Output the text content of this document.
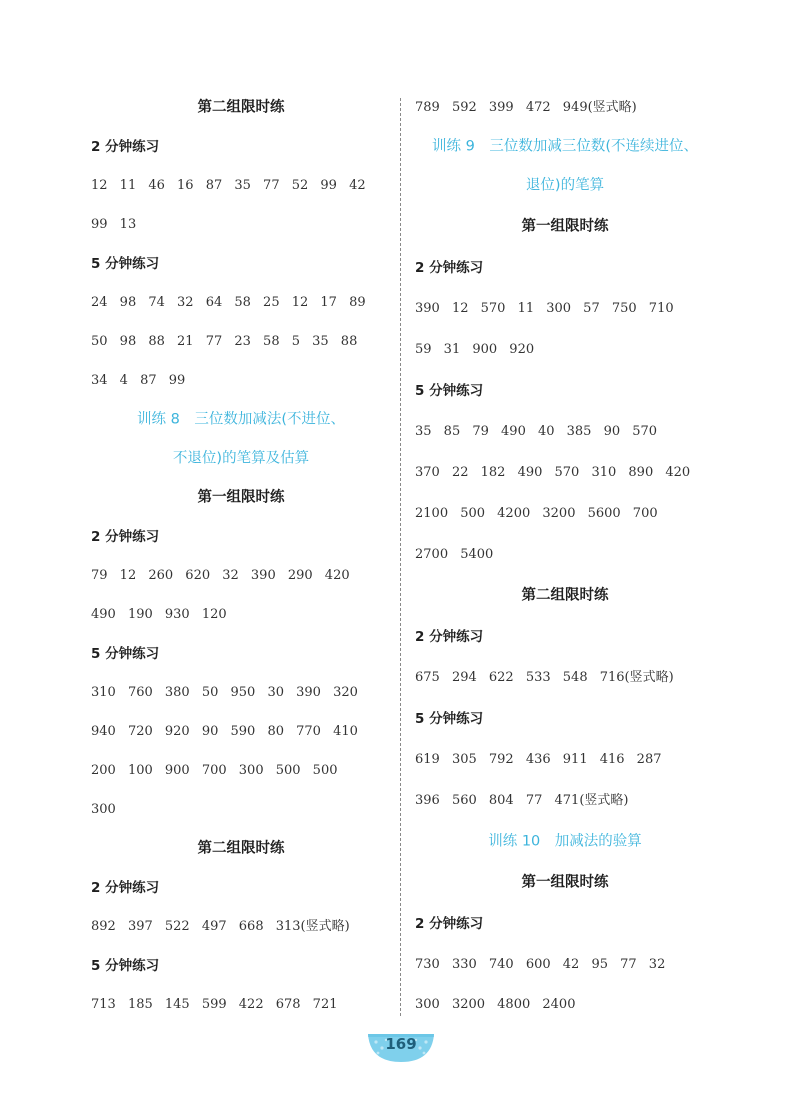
第二组限时练
2 分钟练习
12 11 46 16 87 35 77 52 99 42
99 13
5 分钟练习
24 98 74 32 64 58 25 12 17 89
50 98 88 21 77 23 58 5 35 88
34 4 87 99
训练 8　三位数加减法(不进位、
不退位)的笔算及估算
第一组限时练
2 分钟练习
79 12 260 620 32 390 290 420
490 190 930 120
5 分钟练习
310 760 380 50 950 30 390 320
940 720 920 90 590 80 770 410
200 100 900 700 300 500 500
300
第二组限时练
2 分钟练习
892 397 522 497 668 313(竖式略)
5 分钟练习
713 185 145 599 422 678 721
789 592 399 472 949(竖式略)
训练 9　三位数加减三位数(不连续进位、
退位)的笔算
第一组限时练
2 分钟练习
390 12 570 11 300 57 750 710
59 31 900 920
5 分钟练习
35 85 79 490 40 385 90 570
370 22 182 490 570 310 890 420
2100 500 4200 3200 5600 700
2700 5400
第二组限时练
2 分钟练习
675 294 622 533 548 716(竖式略)
5 分钟练习
619 305 792 436 911 416 287
396 560 804 77 471(竖式略)
训练 10　加减法的验算
第一组限时练
2 分钟练习
730 330 740 600 42 95 77 32
300 3200 4800 2400
169
